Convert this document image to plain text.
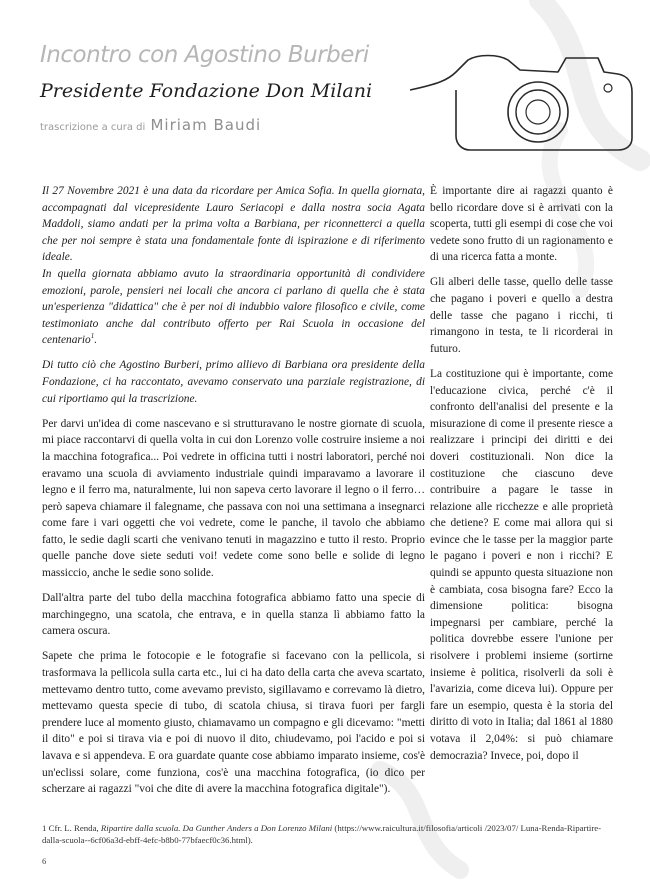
Incontro con Agostino Burberi
Presidente Fondazione Don Milani
trascrizione a cura di Miriam Baudi

Il 27 Novembre 2021 è una data da ricordare per Amica Sofia. In quella giornata, accompagnati dal vicepresidente Lauro Seriacopi e dalla nostra socia Agata Maddoli, siamo andati per la prima volta a Barbiana, per riconnetterci a quella che per noi sempre è stata una fondamentale fonte di ispirazione e di riferimento ideale.

In quella giornata abbiamo avuto la straordinaria opportunità di condividere emozioni, parole, pensieri nei locali che ancora ci parlano di quella che è stata un'esperienza "didattica" che è per noi di indubbio valore filosofico e civile, come testimoniato anche dal contributo offerto per Rai Scuola in occasione del centenario$^1$.

Di tutto ciò che Agostino Burberi, primo allievo di Barbiana ora presidente della Fondazione, ci ha raccontato, avevamo conservato una parziale registrazione, di cui riportiamo qui la trascrizione.

Per darvi un'idea di come nascevano e si strutturavano le nostre giornate di scuola, mi piace raccontarvi di quella volta in cui don Lorenzo volle costruire insieme a noi la macchina fotografica... Poi vedrete in officina tutti i nostri laboratori, perché noi eravamo una scuola di avviamento industriale quindi imparavamo a lavorare il legno e il ferro ma, naturalmente, lui non sapeva certo lavorare il legno o il ferro… però sapeva chiamare il falegname, che passava con noi una settimana a insegnarci come fare i vari oggetti che voi vedrete, come le panche, il tavolo che abbiamo fatto, le sedie dagli scarti che venivano tenuti in magazzino e tutto il resto. Proprio quelle panche dove siete seduti voi! vedete come sono belle e solide di legno massiccio, anche le sedie sono solide.

Dall'altra parte del tubo della macchina fotografica abbiamo fatto una specie di marchingegno, una scatola, che entrava, e in quella stanza lì abbiamo fatto la camera oscura.

Sapete che prima le fotocopie e le fotografie si facevano con la pellicola, si trasformava la pellicola sulla carta etc., lui ci ha dato della carta che aveva scartato, mettevamo dentro tutto, come avevamo previsto, sigillavamo e correvamo là dietro, mettevamo questa specie di tubo, di scatola chiusa, si tirava fuori per fargli prendere luce al momento giusto, chiamavamo un compagno e gli dicevamo: "metti il dito" e poi si tirava via e poi di nuovo il dito, chiudevamo, poi l'acido e poi si lavava e si appendeva. E ora guardate quante cose abbiamo imparato insieme, cos'è un'eclissi solare, come funziona, cos'è una macchina fotografica, (io dico per scherzare ai ragazzi "voi che dite di avere la macchina fotografica digitale").

È importante dire ai ragazzi quanto è bello ricordare dove si è arrivati con la scoperta, tutti gli esempi di cose che voi vedete sono frutto di un ragionamento e di una ricerca fatta a monte.

Gli alberi delle tasse, quello delle tasse che pagano i poveri e quello a destra delle tasse che pagano i ricchi, ti rimangono in testa, te li ricorderai in futuro.

La costituzione qui è importante, come l'educazione civica, perché c'è il confronto dell'analisi del presente e la misurazione di come il presente riesce a realizzare i principi dei diritti e dei doveri costituzionali. Non dice la costituzione che ciascuno deve contribuire a pagare le tasse in relazione alle ricchezze e alle proprietà che detiene? E come mai allora qui si evince che le tasse per la maggior parte le pagano i poveri e non i ricchi? E quindi se appunto questa situazione non è cambiata, cosa bisogna fare? Ecco la dimensione politica: bisogna impegnarsi per cambiare, perché la politica dovrebbe essere l'unione per risolvere i problemi insieme (sortirne insieme è politica, risolverli da soli è l'avarizia, come diceva lui). Oppure per fare un esempio, questa è la storia del diritto di voto in Italia; dal 1861 al 1880 votava il 2,04%: si può chiamare democrazia? Invece, poi, dopo il

1 Cfr. L. Renda, Ripartire dalla scuola. Da Gunther Anders a Don Lorenzo Milani (https://www.raicultura.it/filosofia/articoli /2023/07/ Luna-Renda-Ripartire-dalla-scuola--6cf06a3d-ebff-4efc-b8b0-77bfaecf0c36.html).
6
